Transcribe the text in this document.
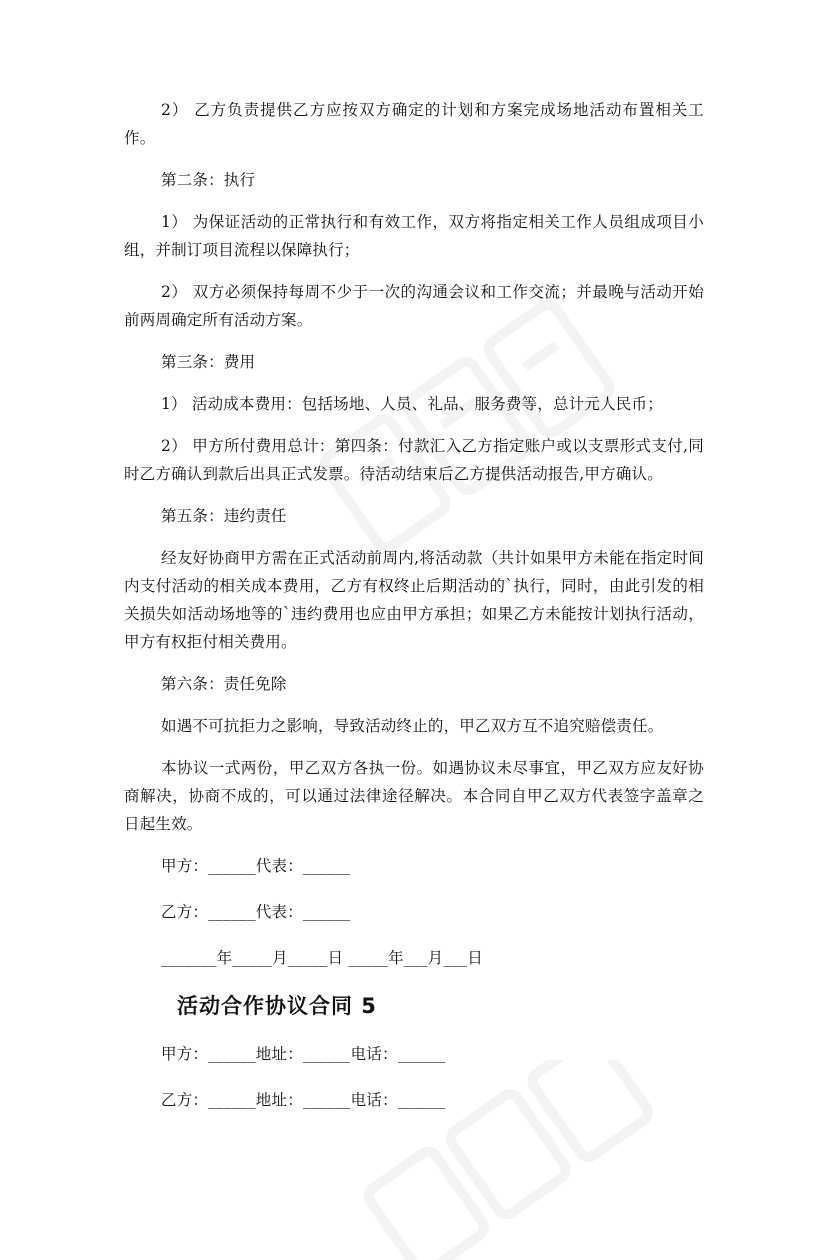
2） 乙方负责提供乙方应按双方确定的计划和方案完成场地活动布置相关工作。

第二条：执行

1） 为保证活动的正常执行和有效工作，双方将指定相关工作人员组成项目小组，并制订项目流程以保障执行；

2） 双方必须保持每周不少于一次的沟通会议和工作交流；并最晚与活动开始前两周确定所有活动方案。

第三条：费用

1） 活动成本费用：包括场地、人员、礼品、服务费等，总计元人民币；

2） 甲方所付费用总计：第四条：付款汇入乙方指定账户或以支票形式支付,同时乙方确认到款后出具正式发票。待活动结束后乙方提供活动报告,甲方确认。

第五条：违约责任

经友好协商甲方需在正式活动前周内,将活动款（共计如果甲方未能在指定时间内支付活动的相关成本费用，乙方有权终止后期活动的`执行，同时，由此引发的相关损失如活动场地等的`违约费用也应由甲方承担；如果乙方未能按计划执行活动，甲方有权拒付相关费用。

第六条：责任免除

如遇不可抗拒力之影响，导致活动终止的，甲乙双方互不追究赔偿责任。

本协议一式两份，甲乙双方各执一份。如遇协议未尽事宜，甲乙双方应友好协商解决，协商不成的，可以通过法律途径解决。本合同自甲乙双方代表签字盖章之日起生效。

甲方：______代表：______

乙方：______代表：______

_______年_____月_____日 _____年___月___日

活动合作协议合同 5

甲方：______地址：______电话：______

乙方：______地址：______电话：______
